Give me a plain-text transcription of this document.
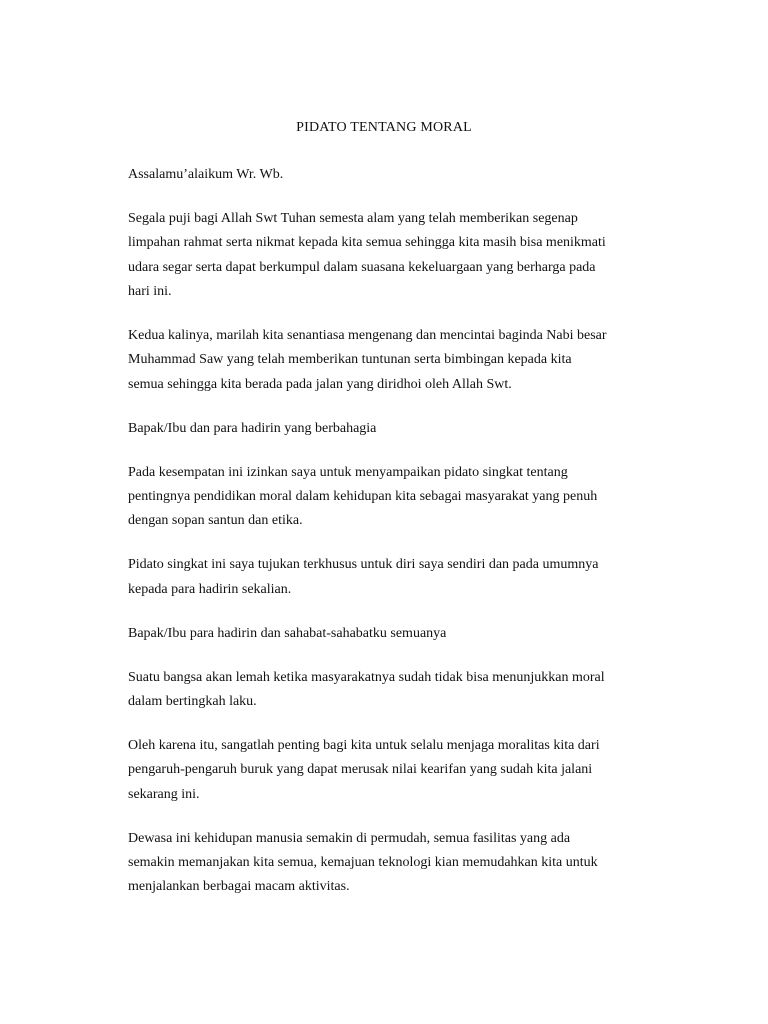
PIDATO TENTANG MORAL

Assalamu’alaikum Wr. Wb.

Segala puji bagi Allah Swt Tuhan semesta alam yang telah memberikan segenap
limpahan rahmat serta nikmat kepada kita semua sehingga kita masih bisa menikmati
udara segar serta dapat berkumpul dalam suasana kekeluargaan yang berharga pada
hari ini.

Kedua kalinya, marilah kita senantiasa mengenang dan mencintai baginda Nabi besar
Muhammad Saw yang telah memberikan tuntunan serta bimbingan kepada kita
semua sehingga kita berada pada jalan yang diridhoi oleh Allah Swt.

Bapak/Ibu dan para hadirin yang berbahagia

Pada kesempatan ini izinkan saya untuk menyampaikan pidato singkat tentang
pentingnya pendidikan moral dalam kehidupan kita sebagai masyarakat yang penuh
dengan sopan santun dan etika.

Pidato singkat ini saya tujukan terkhusus untuk diri saya sendiri dan pada umumnya
kepada para hadirin sekalian.

Bapak/Ibu para hadirin dan sahabat-sahabatku semuanya

Suatu bangsa akan lemah ketika masyarakatnya sudah tidak bisa menunjukkan moral
dalam bertingkah laku.

Oleh karena itu, sangatlah penting bagi kita untuk selalu menjaga moralitas kita dari
pengaruh-pengaruh buruk yang dapat merusak nilai kearifan yang sudah kita jalani
sekarang ini.

Dewasa ini kehidupan manusia semakin di permudah, semua fasilitas yang ada
semakin memanjakan kita semua, kemajuan teknologi kian memudahkan kita untuk
menjalankan berbagai macam aktivitas.
